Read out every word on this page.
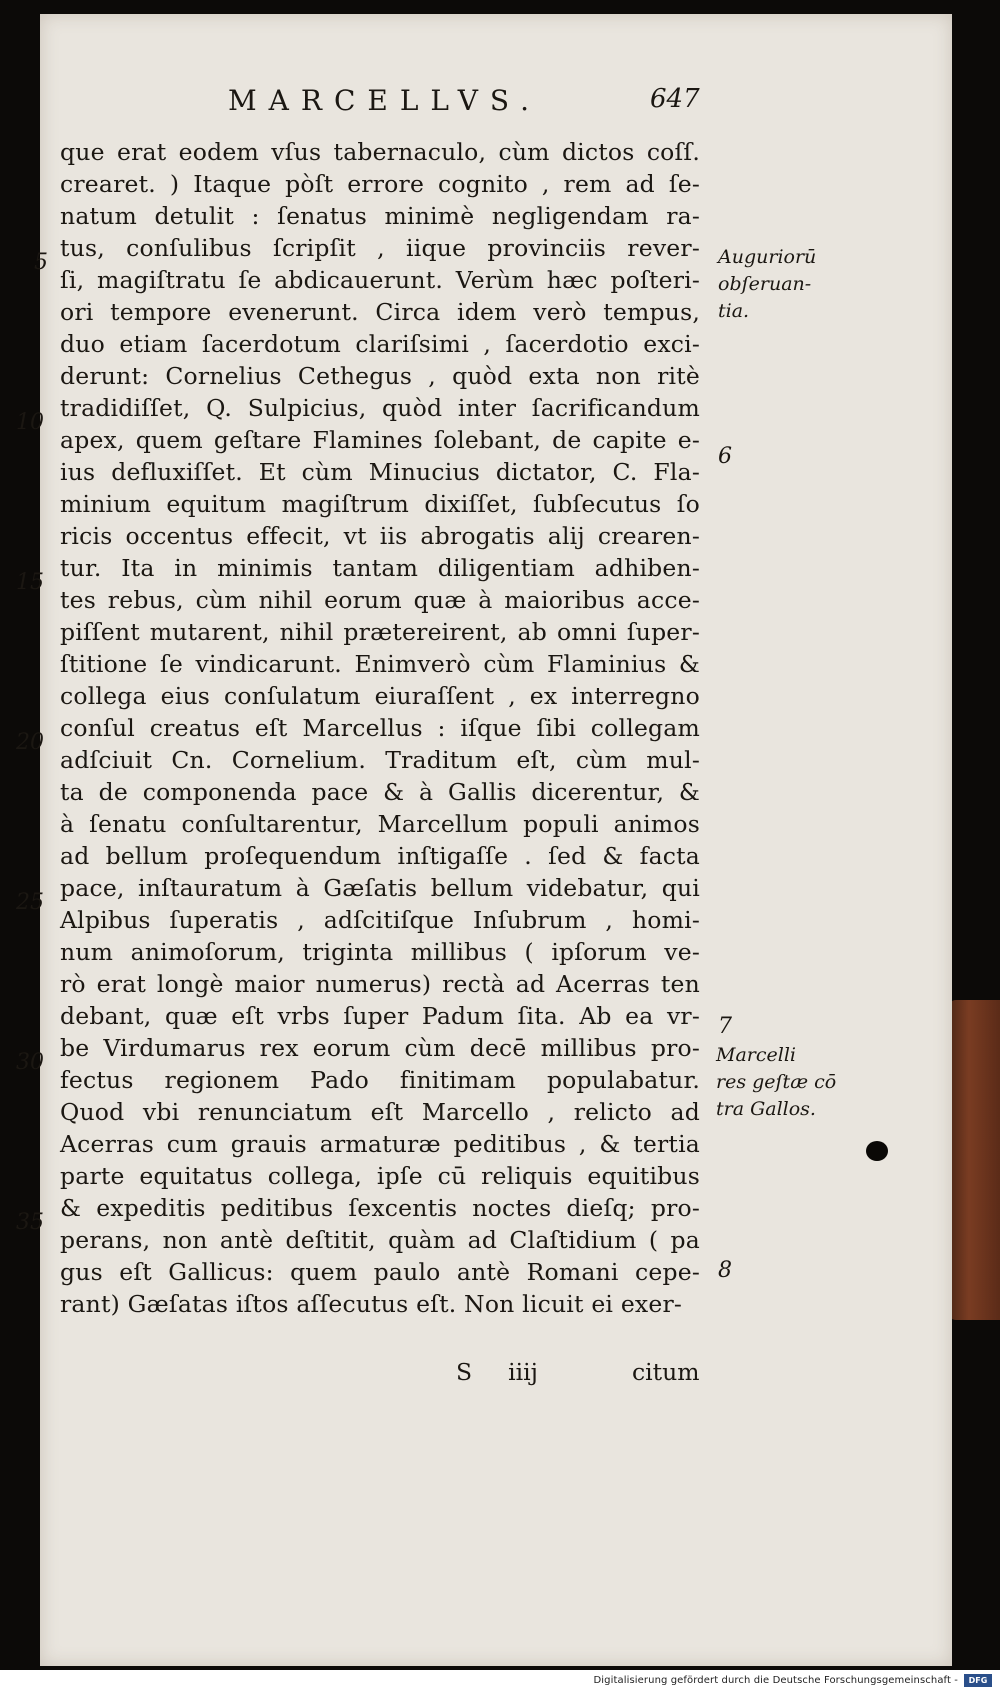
MARCELLVS.	647
que erat eodem vſus tabernaculo, cùm dictos coſſ.
crearet. ) Itaque pòſt errore cognito , rem ad ſe-
natum detulit : ſenatus minimè negligendam ra-
tus, conſulibus ſcripſit , iique provinciis rever-
ſi, magiſtratu ſe abdicauerunt. Verùm hæc poſteri-
ori tempore evenerunt. Circa idem verò tempus,
duo etiam ſacerdotum clariſsimi , ſacerdotio exci-
derunt: Cornelius Cethegus , quòd exta non ritè
tradidiſſet, Q. Sulpicius, quòd inter ſacrificandum
apex, quem geſtare Flamines ſolebant, de capite e-
ius defluxiſſet. Et cùm Minucius dictator, C. Fla-
minium equitum magiſtrum dixiſſet, ſubſecutus ſo
ricis occentus effecit, vt iis abrogatis alij crearen-
tur. Ita in minimis tantam diligentiam adhiben-
tes rebus, cùm nihil eorum quæ à maioribus acce-
piſſent mutarent, nihil prætereirent, ab omni ſuper-
ſtitione ſe vindicarunt. Enimverò cùm Flaminius &
collega eius conſulatum eiuraſſent , ex interregno
conſul creatus eſt Marcellus : iſque ſibi collegam
adſciuit Cn. Cornelium. Traditum eſt, cùm mul-
ta de componenda pace & à Gallis dicerentur, &
à ſenatu conſultarentur, Marcellum populi animos
ad bellum proſequendum inſtigaſſe . ſed & facta
pace, inſtauratum à Gæſatis bellum videbatur, qui
Alpibus ſuperatis , adſcitiſque Inſubrum , homi-
num animoſorum, triginta millibus ( ipſorum ve-
rò erat longè maior numerus) rectà ad Acerras ten
debant, quæ eſt vrbs ſuper Padum ſita. Ab ea vr-
be Virdumarus rex eorum cùm decē millibus pro-
fectus regionem Pado finitimam populabatur.
Quod vbi renunciatum eſt Marcello , relicto ad
Acerras cum grauis armaturæ peditibus , & tertia
parte equitatus collega, ipſe cū reliquis equitibus
& expeditis peditibus ſexcentis noctes dieſq; pro-
perans, non antè deſtitit, quàm ad Claſtidium ( pa
gus eſt Gallicus: quem paulo antè Romani cepe-
rant) Gæſatas iſtos aſſecutus eſt. Non licuit ei exer-
5
10
15
20
25
30
35
Auguriorū
obſeruan-
tia.
6
7
Marcelli
res geſtæ cō
tra Gallos.
8
S iiij	citum
Digitalisierung gefördert durch die Deutsche Forschungsgemeinschaft -	DFG
